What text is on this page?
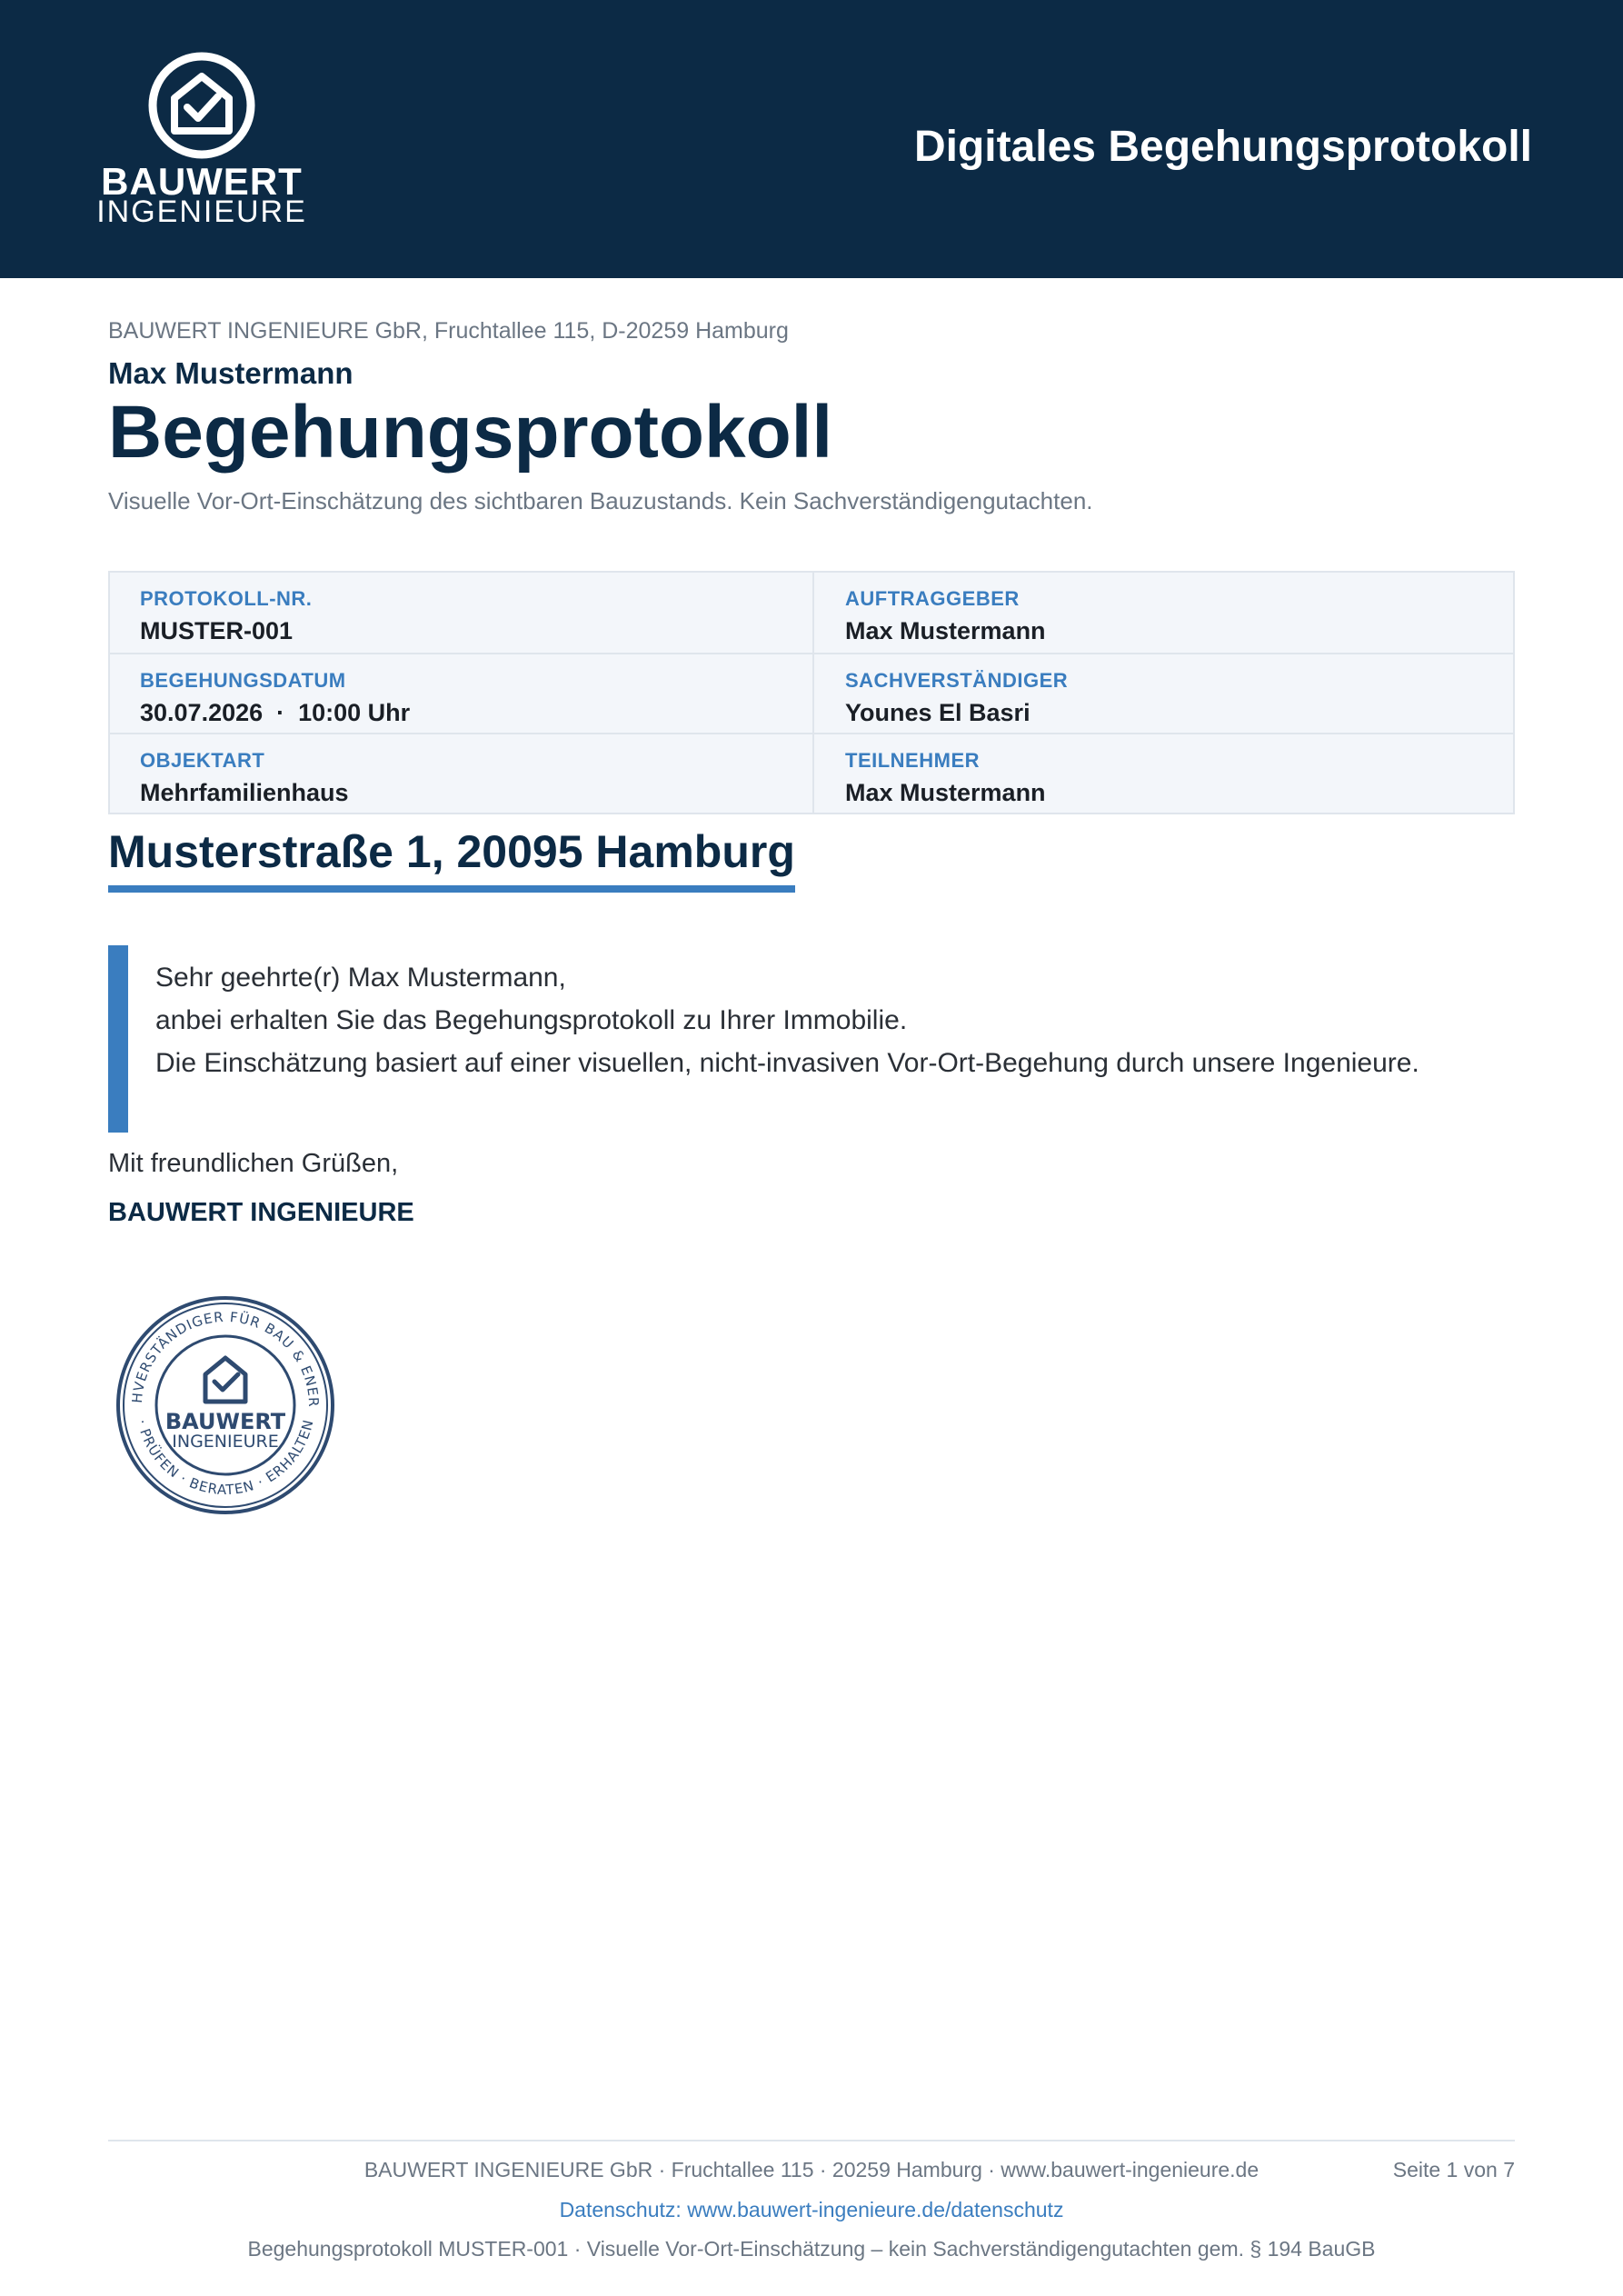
BAUWERT
INGENIEURE
Digitales Begehungsprotokoll
BAUWERT INGENIEURE GbR, Fruchtallee 115, D-20259 Hamburg
Max Mustermann
Begehungsprotokoll
Visuelle Vor-Ort-Einschätzung des sichtbaren Bauzustands. Kein Sachverständigengutachten.
PROTOKOLL-NR.
MUSTER-001
AUFTRAGGEBER
Max Mustermann
BEGEHUNGSDATUM
30.07.2026  ·  10:00 Uhr
SACHVERSTÄNDIGER
Younes El Basri
OBJEKTART
Mehrfamilienhaus
TEILNEHMER
Max Mustermann
Musterstraße 1, 20095 Hamburg
Sehr geehrte(r) Max Mustermann,
anbei erhalten Sie das Begehungsprotokoll zu Ihrer Immobilie.
Die Einschätzung basiert auf einer visuellen, nicht-invasiven Vor-Ort-Begehung durch unsere Ingenieure.
Mit freundlichen Grüßen,
BAUWERT INGENIEURE
HVERSTÄNDIGER FÜR BAU & ENER
· PRÜFEN · BERATEN · ERHALTEN
BAUWERT
INGENIEURE
BAUWERT INGENIEURE GbR · Fruchtallee 115 · 20259 Hamburg · www.bauwert-ingenieure.de	Seite 1 von 7
Datenschutz: www.bauwert-ingenieure.de/datenschutz
Begehungsprotokoll MUSTER-001 · Visuelle Vor-Ort-Einschätzung – kein Sachverständigengutachten gem. § 194 BauGB
